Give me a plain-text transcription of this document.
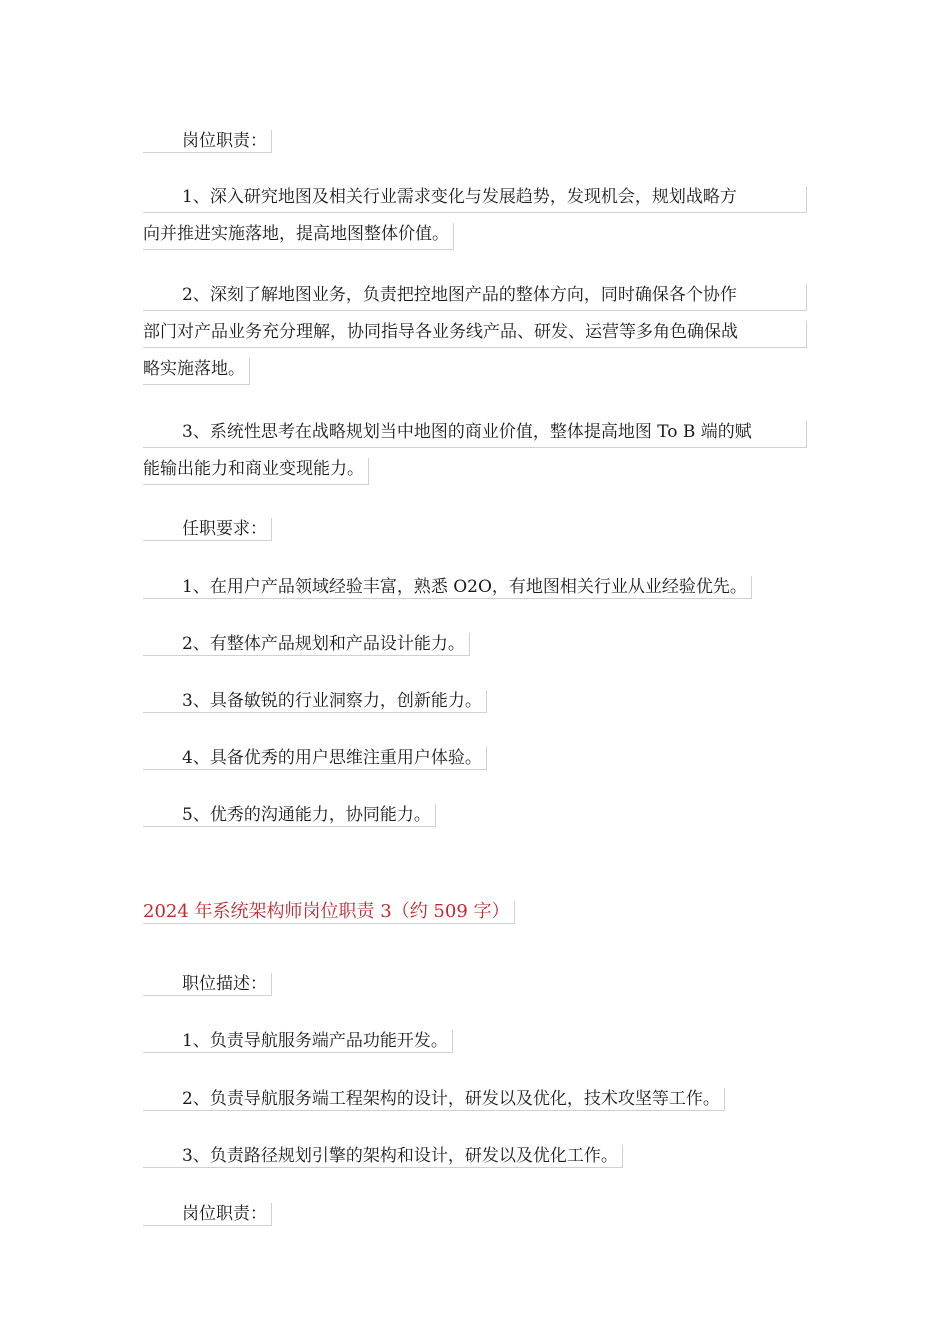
岗位职责：
1、深入研究地图及相关行业需求变化与发展趋势，发现机会，规划战略方
向并推进实施落地，提高地图整体价值。
2、深刻了解地图业务，负责把控地图产品的整体方向，同时确保各个协作
部门对产品业务充分理解，协同指导各业务线产品、研发、运营等多角色确保战
略实施落地。
3、系统性思考在战略规划当中地图的商业价值，整体提高地图 To B 端的赋
能输出能力和商业变现能力。
任职要求：
1、在用户产品领域经验丰富，熟悉 O2O，有地图相关行业从业经验优先。
2、有整体产品规划和产品设计能力。
3、具备敏锐的行业洞察力，创新能力。
4、具备优秀的用户思维注重用户体验。
5、优秀的沟通能力，协同能力。
2024 年系统架构师岗位职责 3（约 509 字）
职位描述：
1、负责导航服务端产品功能开发。
2、负责导航服务端工程架构的设计，研发以及优化，技术攻坚等工作。
3、负责路径规划引擎的架构和设计，研发以及优化工作。
岗位职责：
